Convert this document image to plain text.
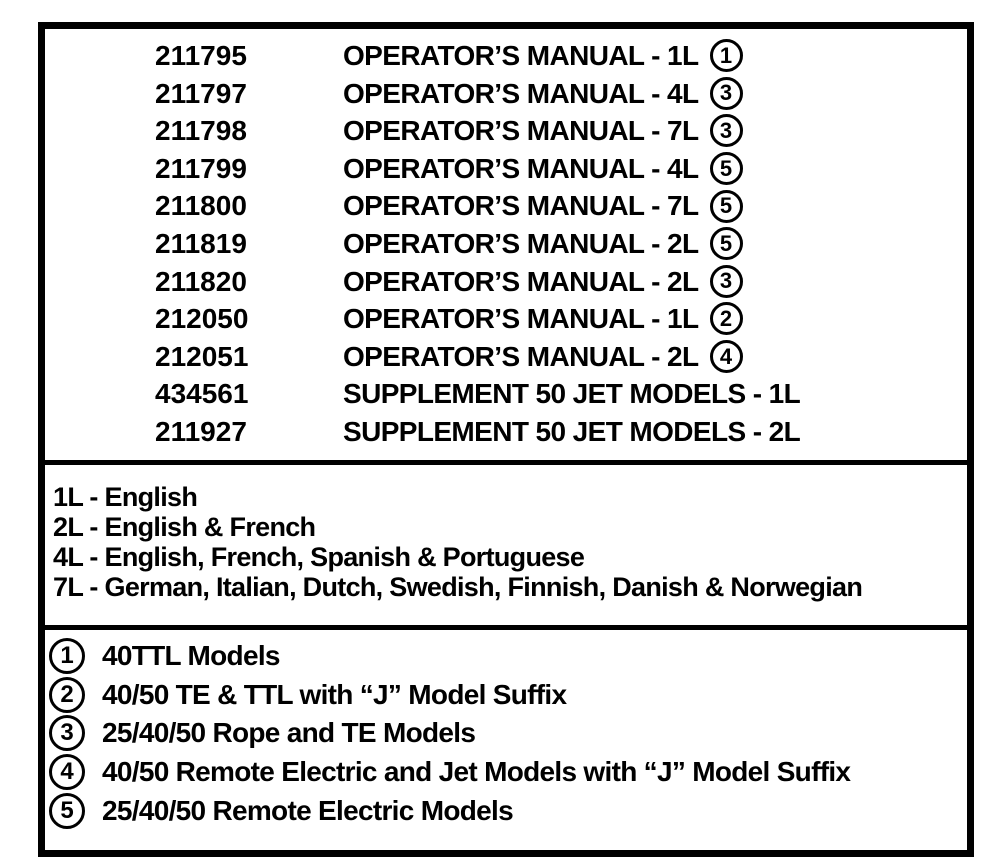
211795	OPERATOR’S MANUAL - 1L 1
211797	OPERATOR’S MANUAL - 4L 3
211798	OPERATOR’S MANUAL - 7L 3
211799	OPERATOR’S MANUAL - 4L 5
211800	OPERATOR’S MANUAL - 7L 5
211819	OPERATOR’S MANUAL - 2L 5
211820	OPERATOR’S MANUAL - 2L 3
212050	OPERATOR’S MANUAL - 1L 2
212051	OPERATOR’S MANUAL - 2L 4
434561	SUPPLEMENT 50 JET MODELS - 1L
211927	SUPPLEMENT 50 JET MODELS - 2L
1L - English
2L - English & French
4L - English, French, Spanish & Portuguese
7L - German, Italian, Dutch, Swedish, Finnish, Danish & Norwegian
1	40TTL Models
2	40/50 TE & TTL with “J” Model Suffix
3	25/40/50 Rope and TE Models
4	40/50 Remote Electric and Jet Models with “J” Model Suffix
5	25/40/50 Remote Electric Models
